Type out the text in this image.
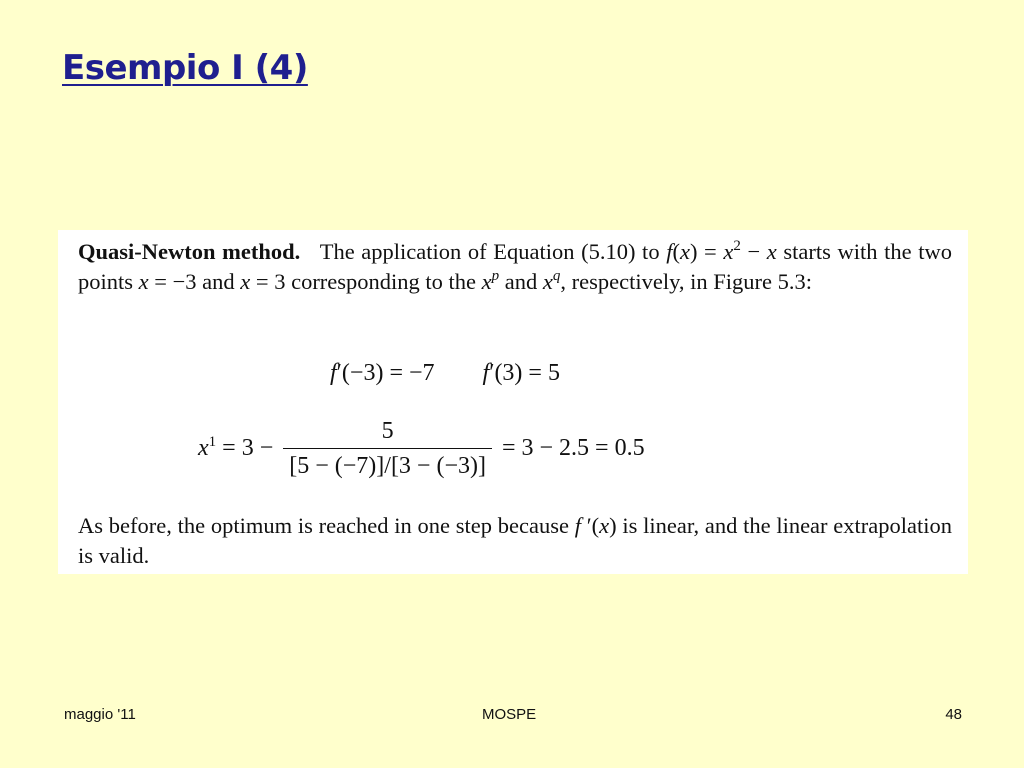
Esempio I (4)
Quasi-Newton method. The application of Equation (5.10) to $f(x) = x^2 - x$ starts with the two points x = −3 and x = 3 corresponding to the $x^p$ and $x^q$, respectively, in Figure 5.3:
f′(−3) = −7 f′(3) = 5
$x^1 = 3 - \frac{5}{[5 - (-7)]/[3 - (-3)]} = 3 - 2.5 = 0.5$
As before, the optimum is reached in one step because f ′(x) is linear, and the linear extrapolation is valid.
maggio '11	MOSPE	48
